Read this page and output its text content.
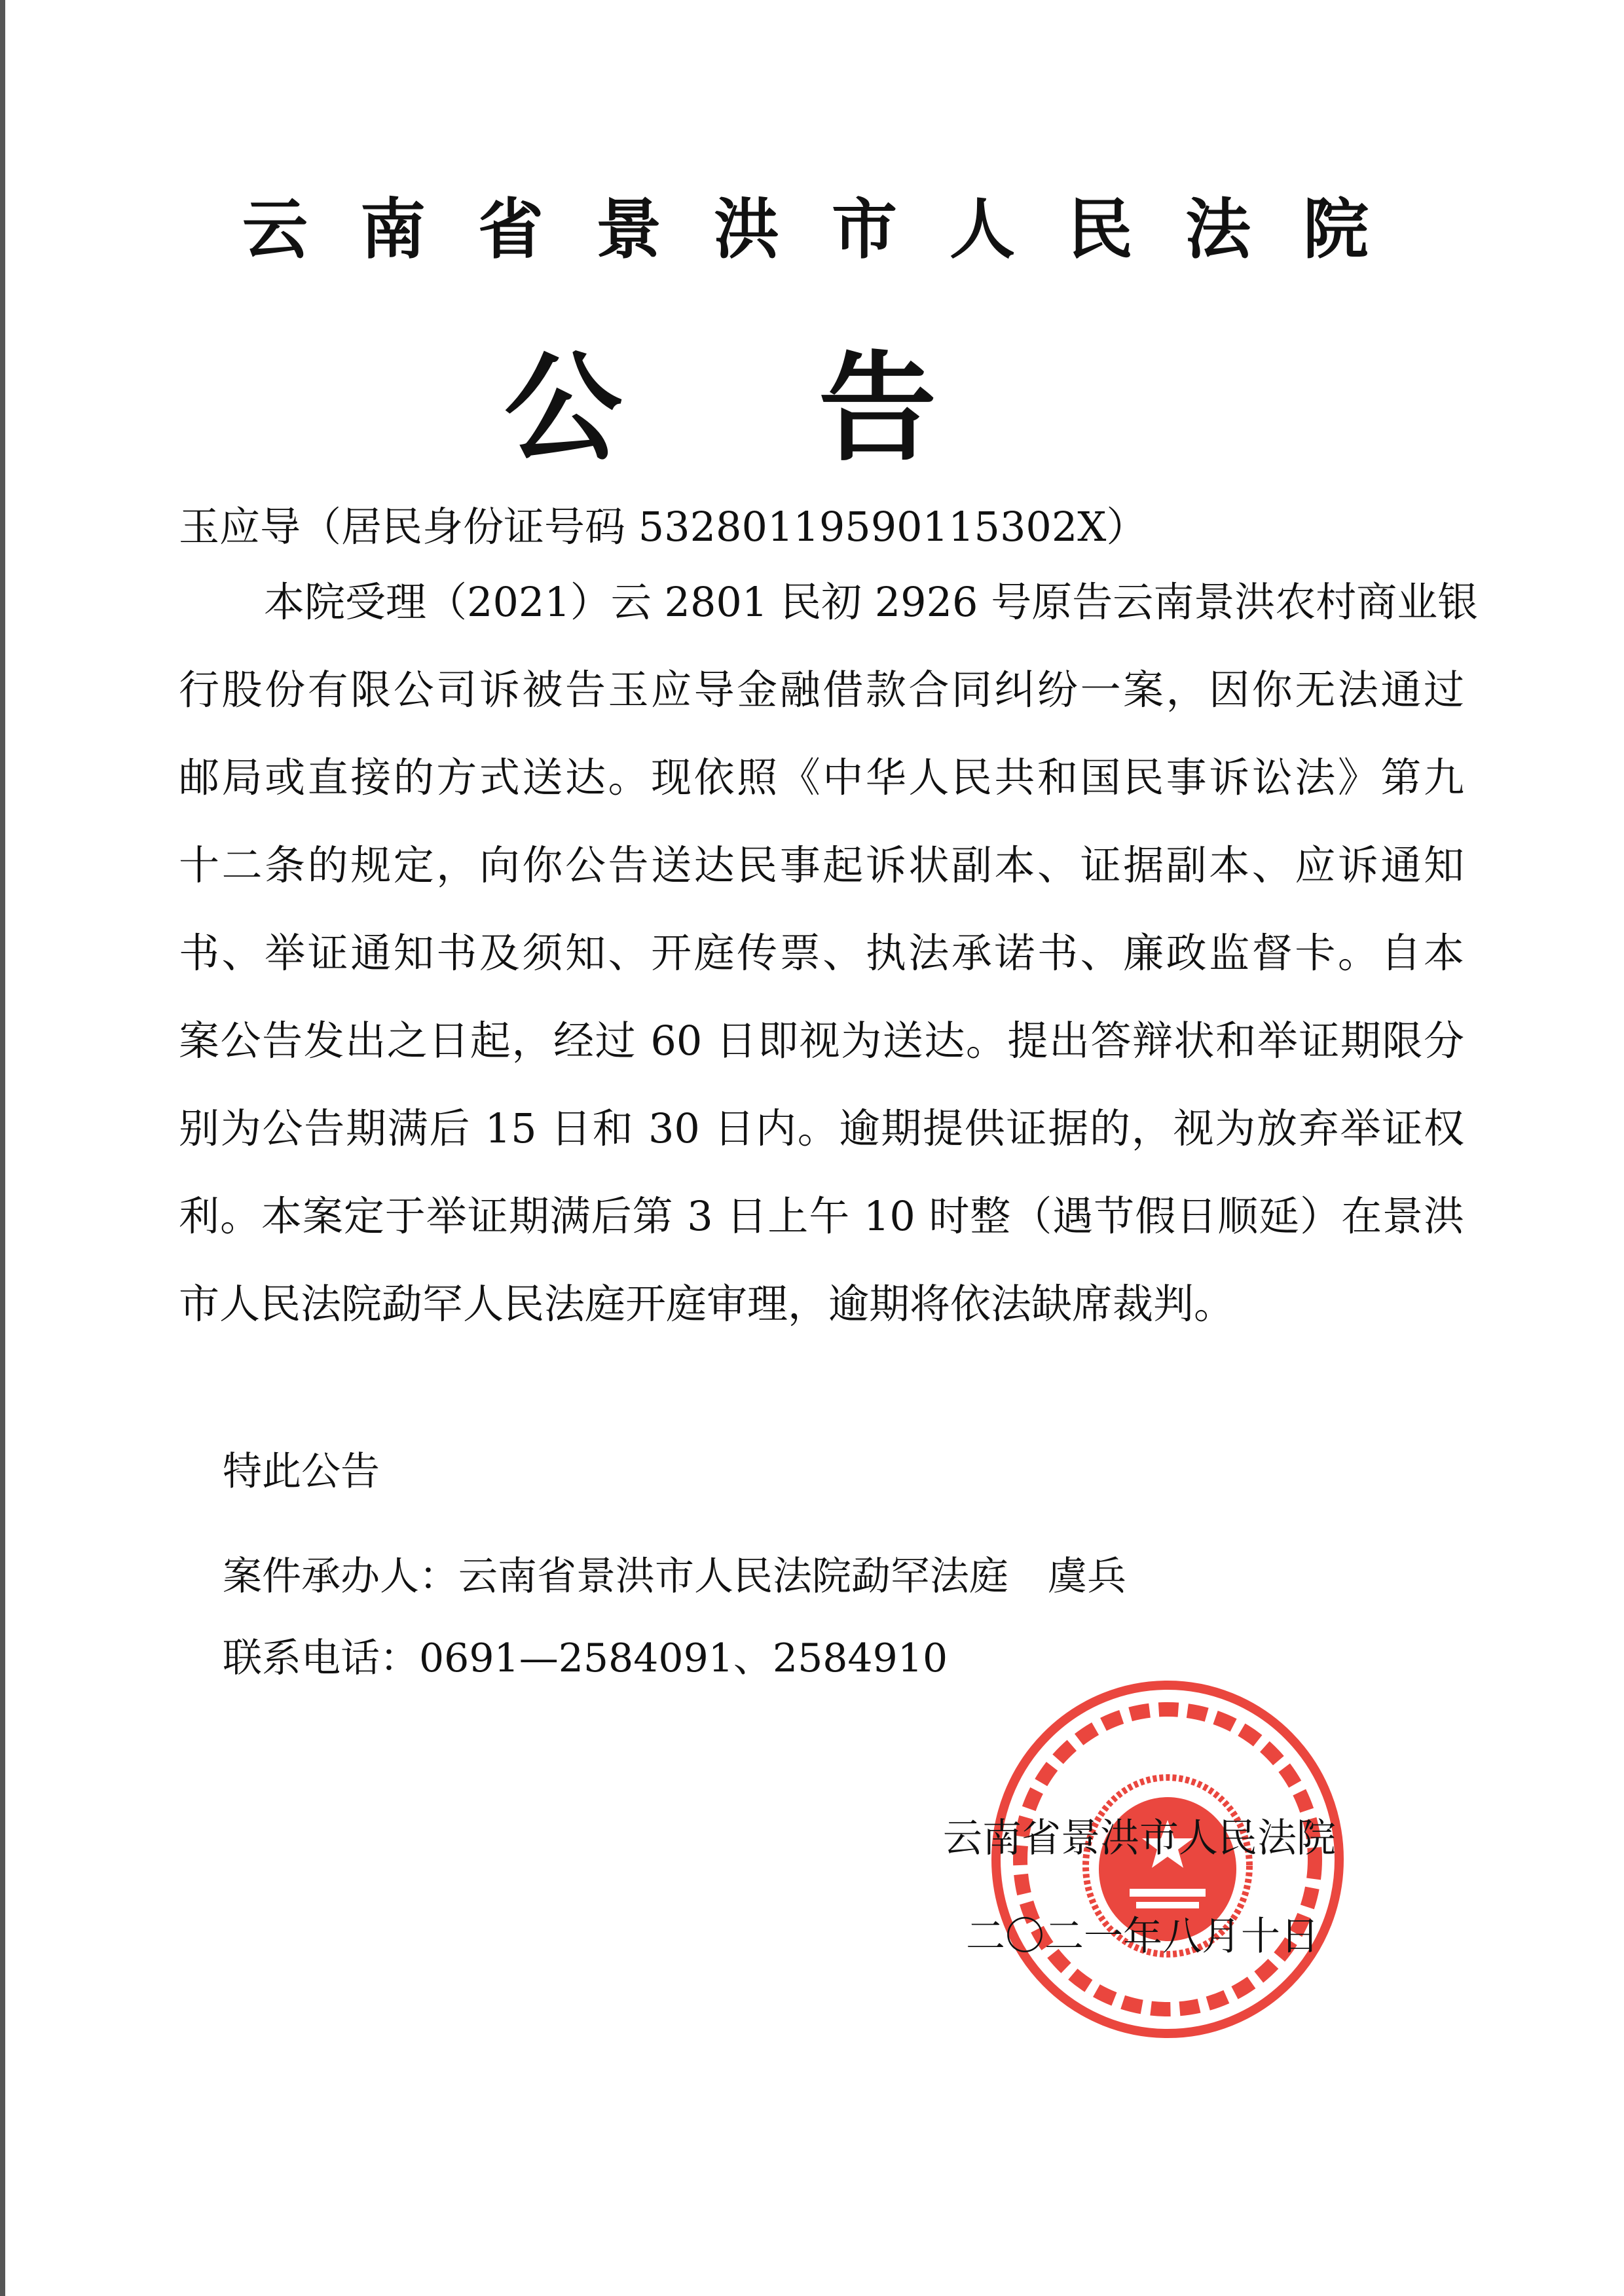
云南省景洪市人民法院
公告
玉应导（居民身份证号码 53280119590115302X）
本院受理（2021）云 2801 民初 2926 号原告云南景洪农村商业银
行股份有限公司诉被告玉应导金融借款合同纠纷一案，因你无法通过
邮局或直接的方式送达。现依照《中华人民共和国民事诉讼法》第九
十二条的规定，向你公告送达民事起诉状副本、证据副本、应诉通知
书、举证通知书及须知、开庭传票、执法承诺书、廉政监督卡。自本
案公告发出之日起，经过 60 日即视为送达。提出答辩状和举证期限分
别为公告期满后 15 日和 30 日内。逾期提供证据的，视为放弃举证权
利。本案定于举证期满后第 3 日上午 10 时整（遇节假日顺延）在景洪
市人民法院勐罕人民法庭开庭审理，逾期将依法缺席裁判。
特此公告
案件承办人：云南省景洪市人民法院勐罕法庭　虞兵
联系电话：0691—2584091、2584910
云南省景洪市人民法院
二〇二一年八月十日
